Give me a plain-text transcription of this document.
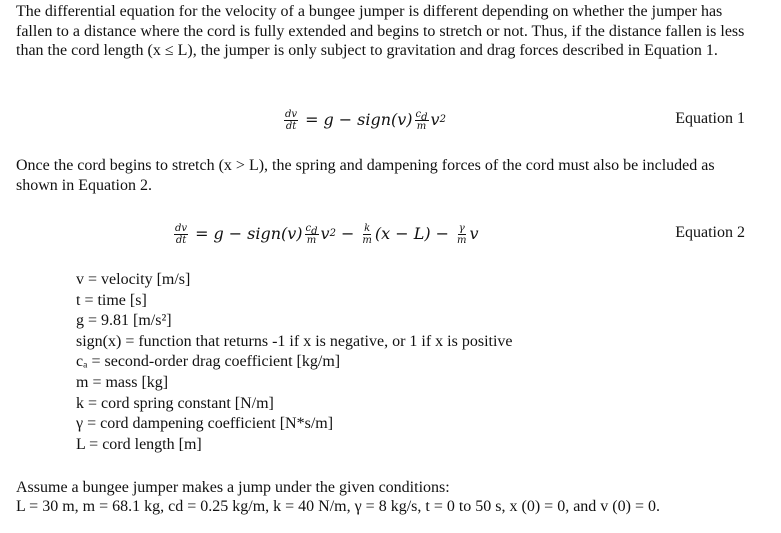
The differential equation for the velocity of a bungee jumper is different depending on whether the jumper has fallen to a distance where the cord is fully extended and begins to stretch or not. Thus, if the distance fallen is less than the cord length (x ≤ L), the jumper is only subject to gravitation and drag forces described in Equation 1.

$\frac{dv}{dt} = g$ − sign(v) $\frac{cd}{m}$ v 2	Equation 1

Once the cord begins to stretch (x > L), the spring and dampening forces of the cord must also be included as shown in Equation 2.

$\frac{dv}{dt} = g$ − sign(v) $\frac{cd}{m}$ v $2 - \frac{k}{m} (x - L) - \frac{\gamma}{m}$ v	Equation 2
v = velocity [m/s]
t = time [s]
g = 9.81 [m/s²]
sign(x) = function that returns -1 if x is negative, or 1 if x is positive
cₐ = second-order drag coefficient [kg/m]
m = mass [kg]
k = cord spring constant [N/m]
γ = cord dampening coefficient [N*s/m]
L = cord length [m]

Assume a bungee jumper makes a jump under the given conditions:

L = 30 m, m = 68.1 kg, cd = 0.25 kg/m, k = 40 N/m, γ = 8 kg/s, t = 0 to 50 s, x (0) = 0, and v (0) = 0.
